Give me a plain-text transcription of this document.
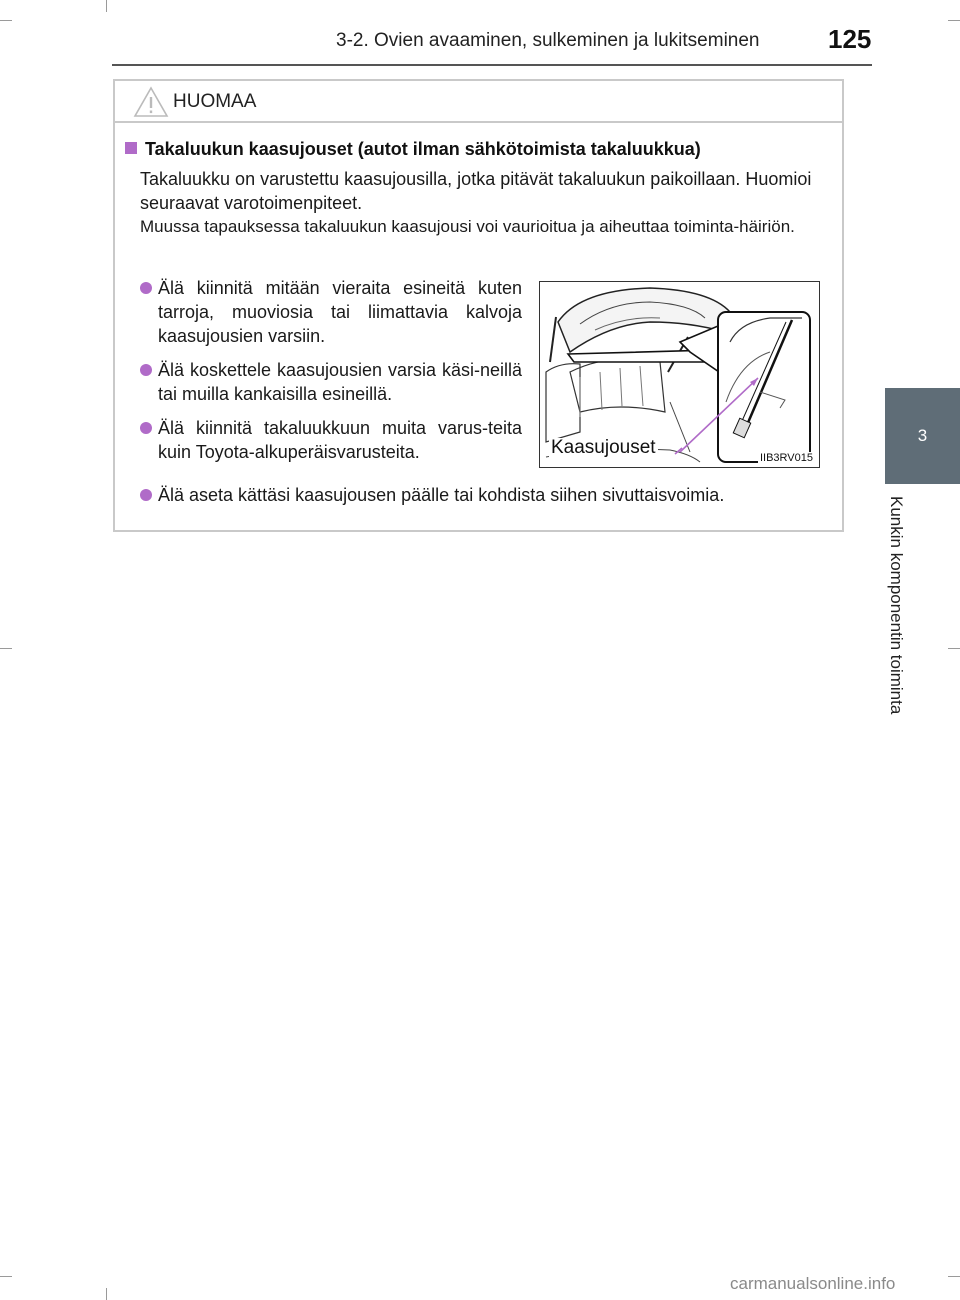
3-2. Ovien avaaminen, sulkeminen ja lukitseminen	125
3
Kunkin komponentin toiminta
HUOMAA
Takaluukun kaasujouset (autot ilman sähkötoimista takaluukkua)
Takaluukku on varustettu kaasujousilla, jotka pitävät takaluukun paikoillaan. Huomioi seuraavat varotoimenpiteet.
Muussa tapauksessa takaluukun kaasujousi voi vaurioitua ja aiheuttaa toiminta-häiriön.
Älä kiinnitä mitään vieraita esineitä kuten tarroja, muoviosia tai liimattavia kalvoja kaasujousien varsiin.
Älä koskettele kaasujousien varsia käsi-neillä tai muilla kankaisilla esineillä.
Älä kiinnitä takaluukkuun muita varus-teita kuin Toyota-alkuperäisvarusteita.	Kaasujouset	IIB3RV015
Älä aseta kättäsi kaasujousen päälle tai kohdista siihen sivuttaisvoimia.
carmanualsonline.info
